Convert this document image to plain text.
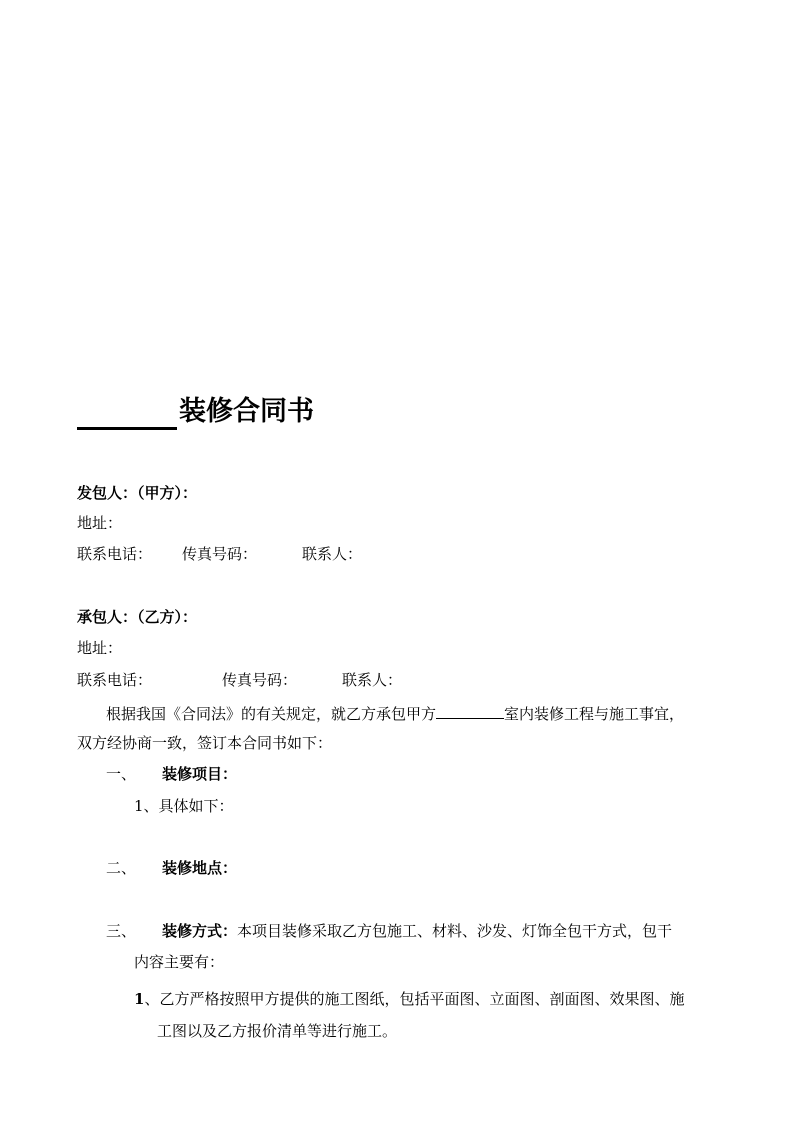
装修合同书
发包人：（甲方）：
地址：
联系电话： 传真号码：	联系人：
承包人：（乙方）：
地址：
联系电话：	传真号码：	联系人：
根据我国《合同法》的有关规定，就乙方承包甲方	室内装修工程与施工事宜，
双方经协商一致，签订本合同书如下：
一、 装修项目：
1、具体如下：
二、 装修地点：
三、 装修方式：本项目装修采取乙方包施工、材料、沙发、灯饰全包干方式，包干
内容主要有：
1、乙方严格按照甲方提供的施工图纸，包括平面图、立面图、剖面图、效果图、施
工图以及乙方报价清单等进行施工。
